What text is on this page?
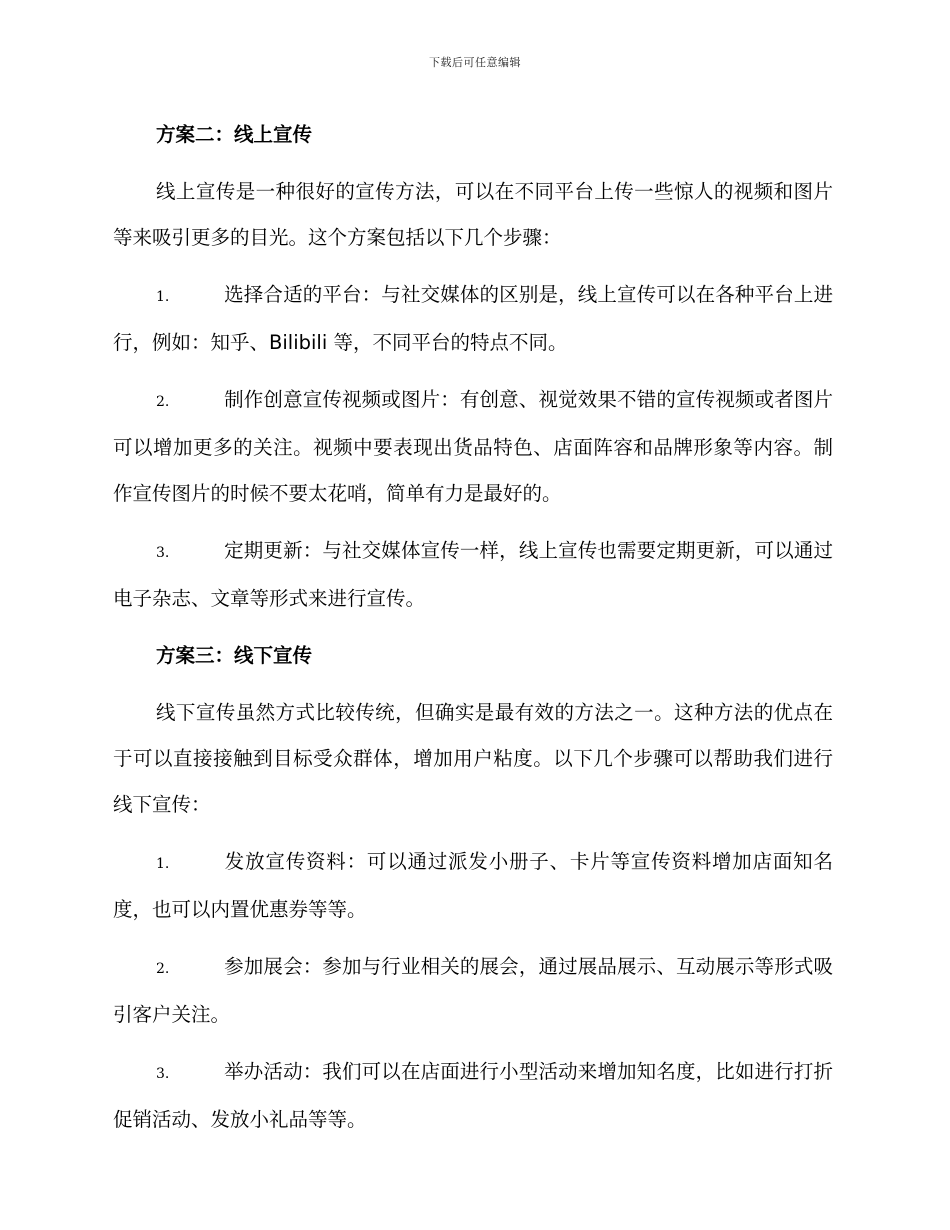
下载后可任意编辑

方案二：线上宣传

线上宣传是一种很好的宣传方法，可以在不同平台上传一些惊人的视频和图片等来吸引更多的目光。这个方案包括以下几个步骤：

1.	选择合适的平台：与社交媒体的区别是，线上宣传可以在各种平台上进行，例如：知乎、Bilibili 等，不同平台的特点不同。

2.	制作创意宣传视频或图片：有创意、视觉效果不错的宣传视频或者图片可以增加更多的关注。视频中要表现出货品特色、店面阵容和品牌形象等内容。制作宣传图片的时候不要太花哨，简单有力是最好的。

3.	定期更新：与社交媒体宣传一样，线上宣传也需要定期更新，可以通过电子杂志、文章等形式来进行宣传。

方案三：线下宣传

线下宣传虽然方式比较传统，但确实是最有效的方法之一。这种方法的优点在于可以直接接触到目标受众群体，增加用户粘度。以下几个步骤可以帮助我们进行线下宣传：

1.	发放宣传资料：可以通过派发小册子、卡片等宣传资料增加店面知名度，也可以内置优惠券等等。

2.	参加展会：参加与行业相关的展会，通过展品展示、互动展示等形式吸引客户关注。

3.	举办活动：我们可以在店面进行小型活动来增加知名度，比如进行打折促销活动、发放小礼品等等。
